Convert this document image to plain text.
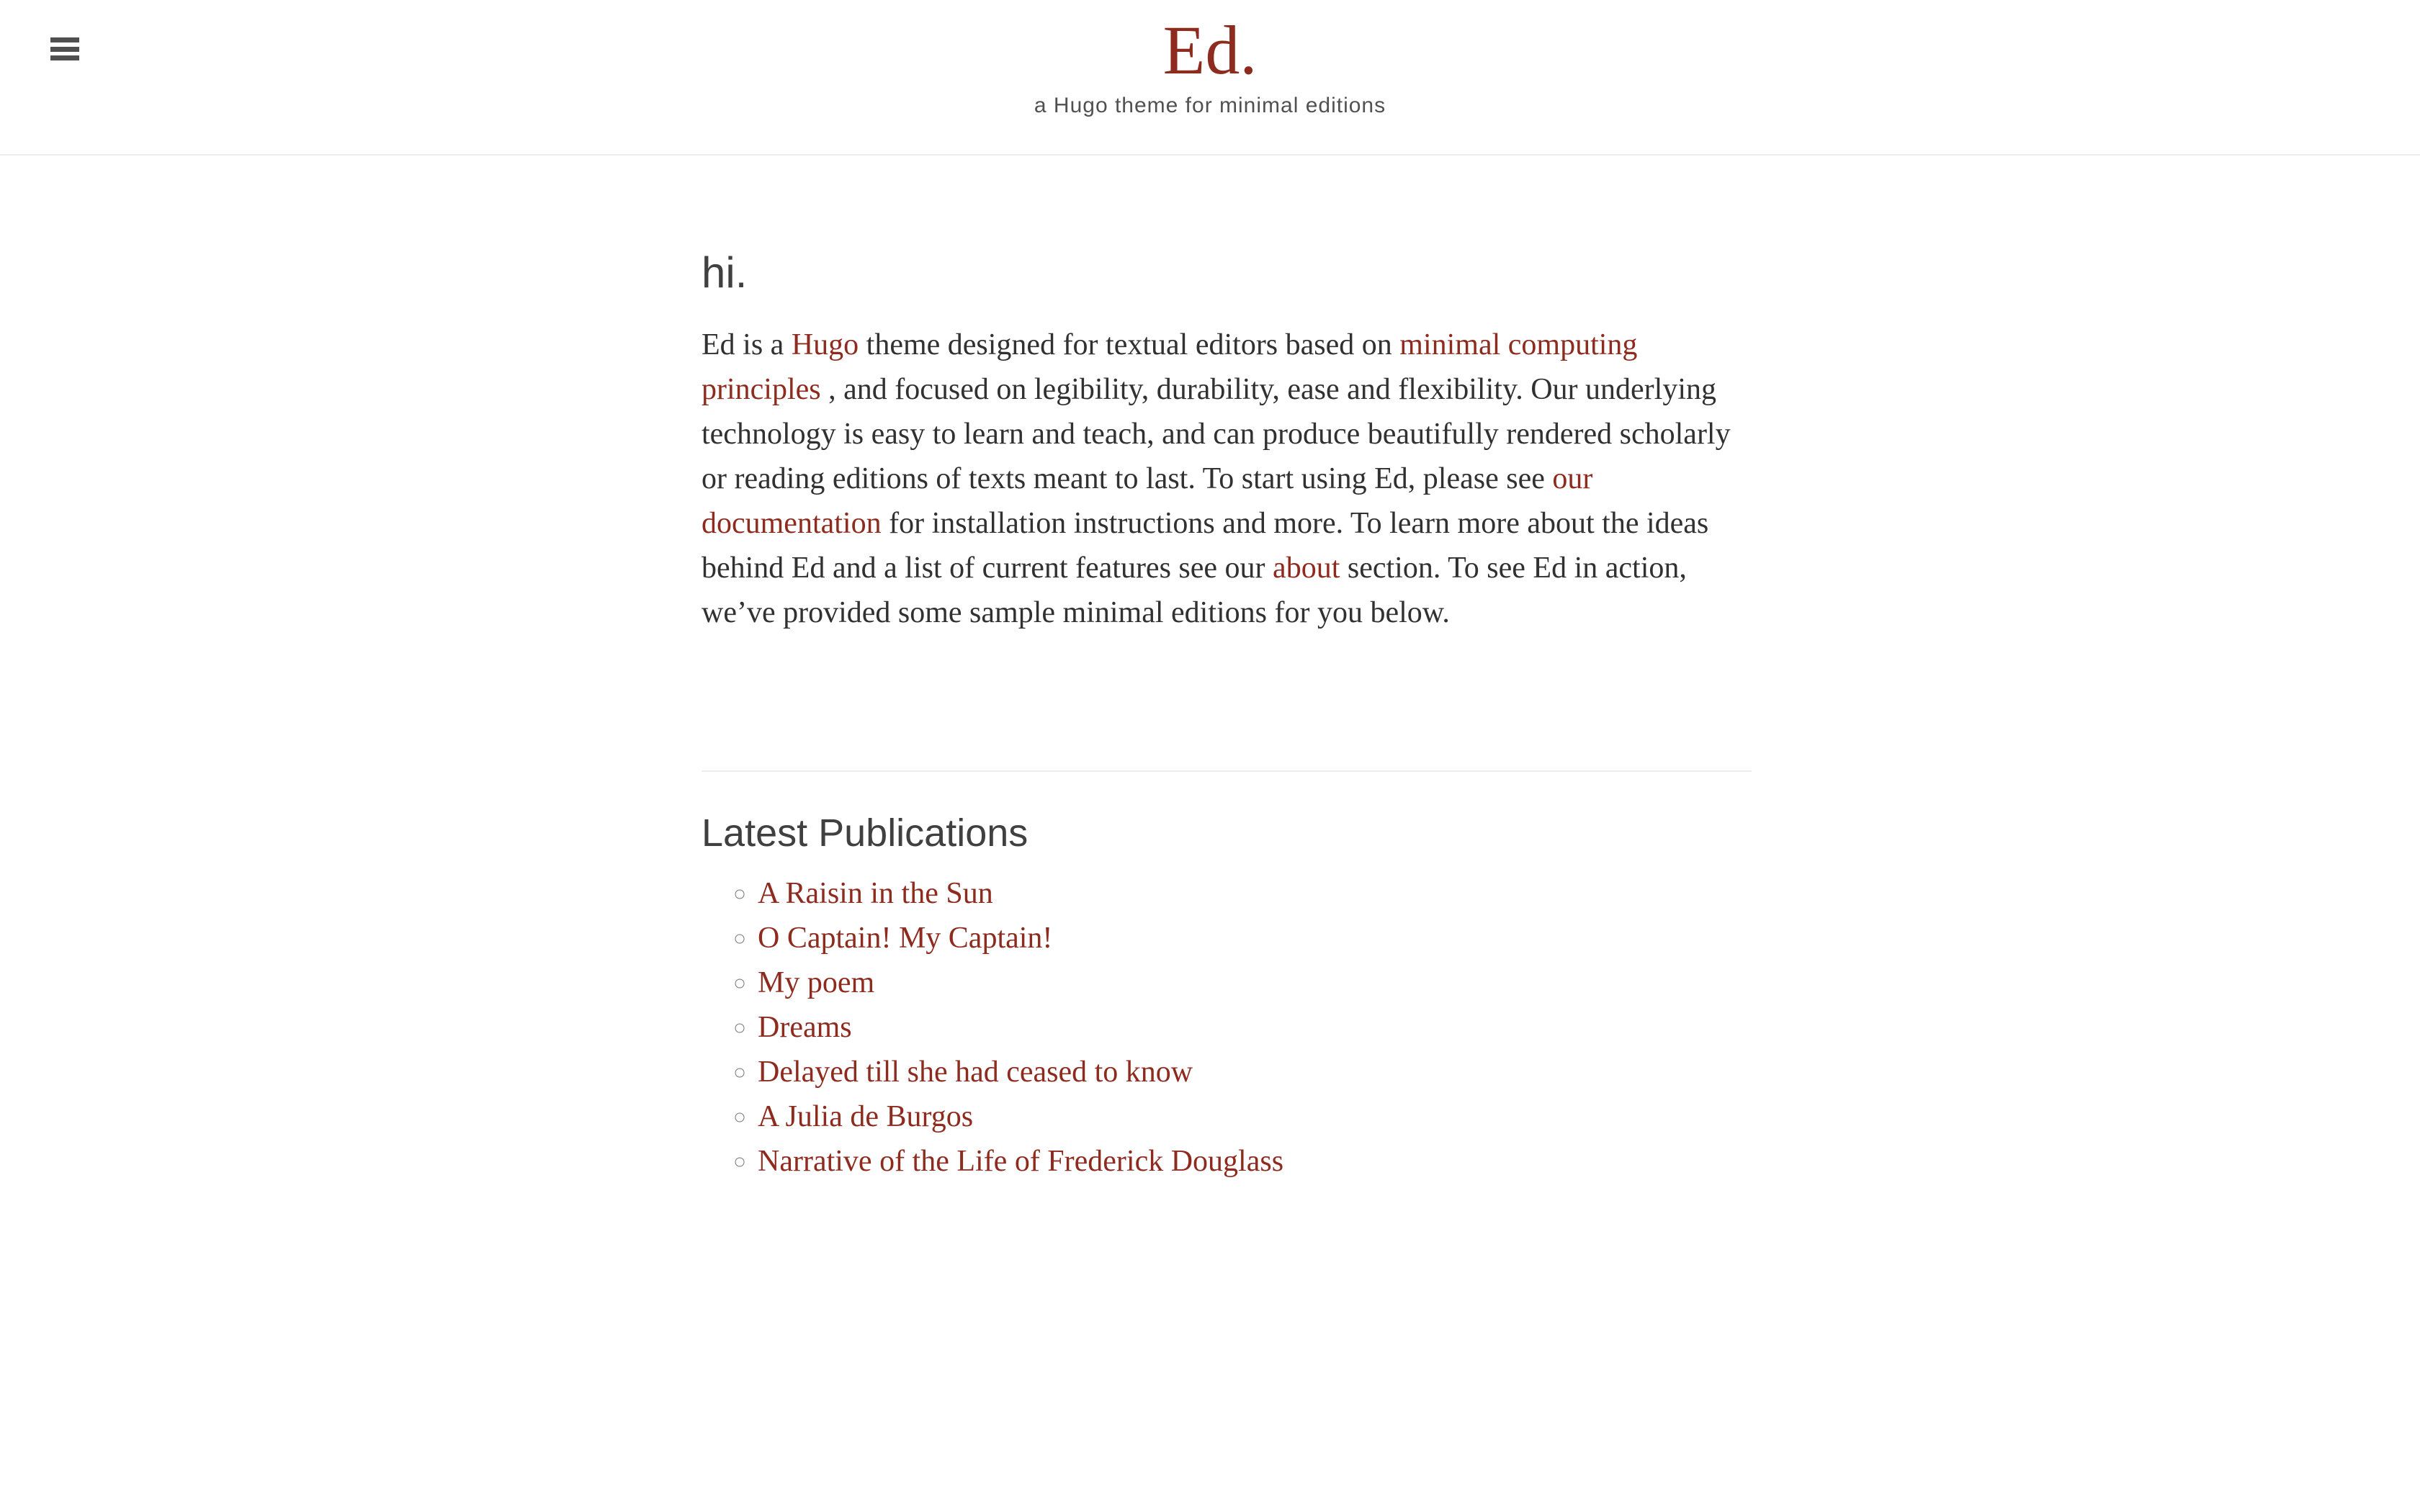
Ed.
a Hugo theme for minimal editions
hi.

Ed is a Hugo theme designed for textual editors based on minimal computing principles , and focused on legibility, durability, ease and flexibility. Our underlying technology is easy to learn and teach, and can produce beautifully rendered scholarly or reading editions of texts meant to last. To start using Ed, please see our documentation for installation instructions and more. To learn more about the ideas behind Ed and a list of current features see our about section. To see Ed in action, we’ve provided some sample minimal editions for you below.

Latest Publications
◦ A Raisin in the Sun
◦ O Captain! My Captain!
◦ My poem
◦ Dreams
◦ Delayed till she had ceased to know
◦ A Julia de Burgos
◦ Narrative of the Life of Frederick Douglass
